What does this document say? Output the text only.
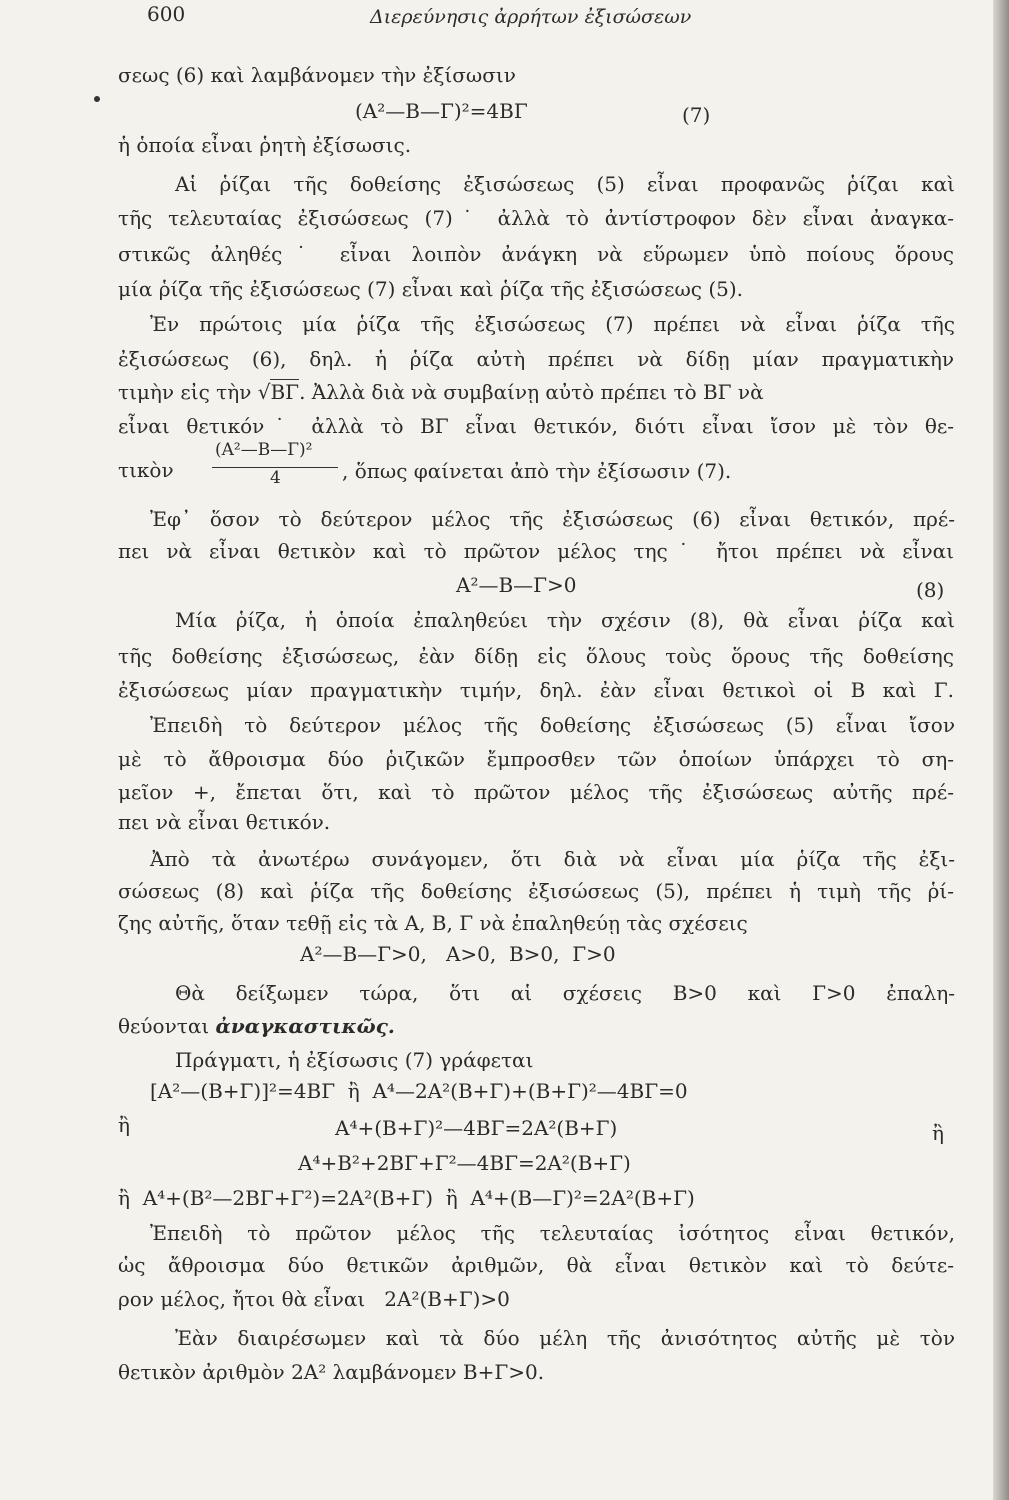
600	Διερεύνησις ἀρρήτων ἐξισώσεων
σεως (6) καὶ λαμβάνομεν τὴν ἐξίσωσιν
(Α²—Β—Γ)²=4ΒΓ	(7)
ἡ ὁποία εἶναι ῥητὴ ἐξίσωσις.
Αἱ ῥίζαι τῆς δοθείσης ἐξισώσεως (5) εἶναι προφανῶς ῥίζαι καὶ
τῆς τελευταίας ἐξισώσεως (7)˙ ἀλλὰ τὸ ἀντίστροφον δὲν εἶναι ἀναγκα-
στικῶς ἀληθές˙ εἶναι λοιπὸν ἀνάγκη νὰ εὕρωμεν ὑπὸ ποίους ὅρους
μία ῥίζα τῆς ἐξισώσεως (7) εἶναι καὶ ῥίζα τῆς ἐξισώσεως (5).
Ἐν πρώτοις μία ῥίζα τῆς ἐξισώσεως (7) πρέπει νὰ εἶναι ῥίζα τῆς
ἐξισώσεως (6), δηλ. ἡ ῥίζα αὐτὴ πρέπει νὰ δίδῃ μίαν πραγματικὴν
τιμὴν εἰς τὴν √ΒΓ. Ἀλλὰ διὰ νὰ συμβαίνῃ αὐτὸ πρέπει τὸ ΒΓ νὰ
εἶναι θετικόν˙ ἀλλὰ τὸ ΒΓ εἶναι θετικόν, διότι εἶναι ἴσον μὲ τὸν θε-
(Α²—Β—Γ)²
4
τικὸν	, ὅπως φαίνεται ἀπὸ τὴν ἐξίσωσιν (7).
Ἐφ᾿ ὅσον τὸ δεύτερον μέλος τῆς ἐξισώσεως (6) εἶναι θετικόν, πρέ-
πει νὰ εἶναι θετικὸν καὶ τὸ πρῶτον μέλος της˙ ἤτοι πρέπει νὰ εἶναι
Α²—Β—Γ>0	(8)
Μία ῥίζα, ἡ ὁποία ἐπαληθεύει τὴν σχέσιν (8), θὰ εἶναι ῥίζα καὶ
τῆς δοθείσης ἐξισώσεως, ἐὰν δίδῃ εἰς ὅλους τοὺς ὅρους τῆς δοθείσης
ἐξισώσεως μίαν πραγματικὴν τιμήν, δηλ. ἐὰν εἶναι θετικοὶ οἱ Β καὶ Γ.
Ἐπειδὴ τὸ δεύτερον μέλος τῆς δοθείσης ἐξισώσεως (5) εἶναι ἴσον
μὲ τὸ ἄθροισμα δύο ῥιζικῶν ἔμπροσθεν τῶν ὁποίων ὑπάρχει τὸ ση-
μεῖον +, ἔπεται ὅτι, καὶ τὸ πρῶτον μέλος τῆς ἐξισώσεως αὐτῆς πρέ-
πει νὰ εἶναι θετικόν.
Ἀπὸ τὰ ἀνωτέρω συνάγομεν, ὅτι διὰ νὰ εἶναι μία ῥίζα τῆς ἐξι-
σώσεως (8) καὶ ῥίζα τῆς δοθείσης ἐξισώσεως (5), πρέπει ἡ τιμὴ τῆς ῥί-
ζης αὐτῆς, ὅταν τεθῇ εἰς τὰ Α, Β, Γ νὰ ἐπαληθεύῃ τὰς σχέσεις
Α²—Β—Γ>0,   Α>0,  Β>0,  Γ>0
Θὰ δείξωμεν τώρα, ὅτι αἱ σχέσεις Β>0 καὶ Γ>0 ἐπαλη-
θεύονται ἀναγκαστικῶς.
Πράγματι, ἡ ἐξίσωσις (7) γράφεται
[Α²—(Β+Γ)]²=4ΒΓ  ἢ  Α⁴—2Α²(Β+Γ)+(Β+Γ)²—4ΒΓ=0
ἢ	Α⁴+(Β+Γ)²—4ΒΓ=2Α²(Β+Γ)	ἢ
Α⁴+Β²+2ΒΓ+Γ²—4ΒΓ=2Α²(Β+Γ)
ἢ  Α⁴+(Β²—2ΒΓ+Γ²)=2Α²(Β+Γ)  ἢ  Α⁴+(Β—Γ)²=2Α²(Β+Γ)
Ἐπειδὴ τὸ πρῶτον μέλος τῆς τελευταίας ἰσότητος εἶναι θετικόν,
ὡς ἄθροισμα δύο θετικῶν ἀριθμῶν, θὰ εἶναι θετικὸν καὶ τὸ δεύτε-
ρον μέλος, ἤτοι θὰ εἶναι   2Α²(Β+Γ)>0
Ἐὰν διαιρέσωμεν καὶ τὰ δύο μέλη τῆς ἀνισότητος αὐτῆς μὲ τὸν
θετικὸν ἀριθμὸν 2Α² λαμβάνομεν Β+Γ>0.
